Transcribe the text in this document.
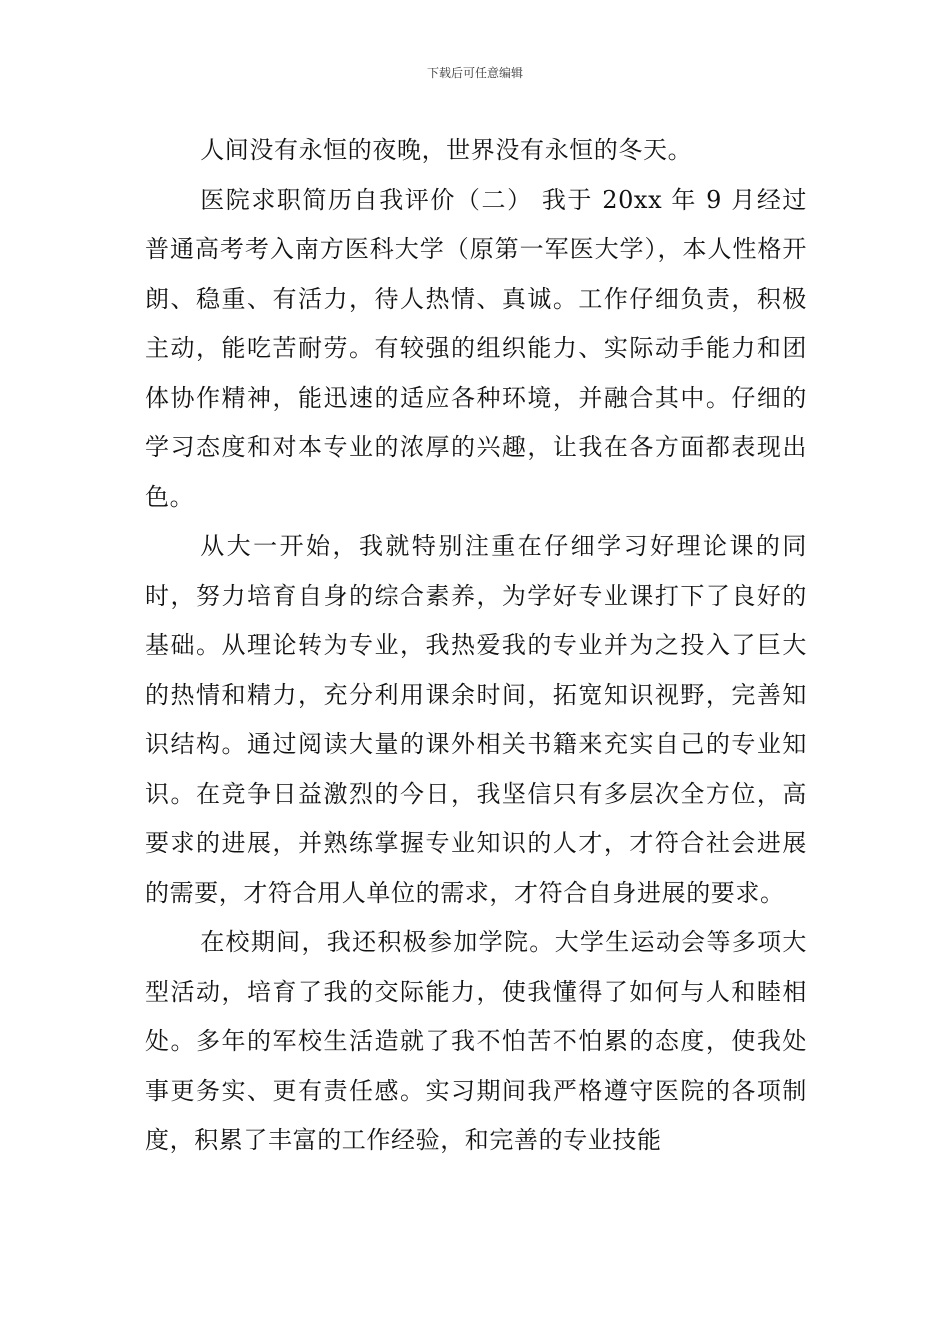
下载后可任意编辑

人间没有永恒的夜晚，世界没有永恒的冬天。

医院求职简历自我评价（二） 我于 20xx 年 9 月经过普通高考考入南方医科大学（原第一军医大学），本人性格开朗、稳重、有活力，待人热情、真诚。工作仔细负责，积极主动，能吃苦耐劳。有较强的组织能力、实际动手能力和团体协作精神，能迅速的适应各种环境，并融合其中。仔细的学习态度和对本专业的浓厚的兴趣，让我在各方面都表现出色。

从大一开始，我就特别注重在仔细学习好理论课的同时，努力培育自身的综合素养，为学好专业课打下了良好的基础。从理论转为专业，我热爱我的专业并为之投入了巨大的热情和精力，充分利用课余时间，拓宽知识视野，完善知识结构。通过阅读大量的课外相关书籍来充实自己的专业知识。在竞争日益激烈的今日，我坚信只有多层次全方位，高要求的进展，并熟练掌握专业知识的人才，才符合社会进展的需要，才符合用人单位的需求，才符合自身进展的要求。

在校期间，我还积极参加学院。大学生运动会等多项大型活动，培育了我的交际能力，使我懂得了如何与人和睦相处。多年的军校生活造就了我不怕苦不怕累的态度，使我处事更务实、更有责任感。实习期间我严格遵守医院的各项制度，积累了丰富的工作经验，和完善的专业技能
